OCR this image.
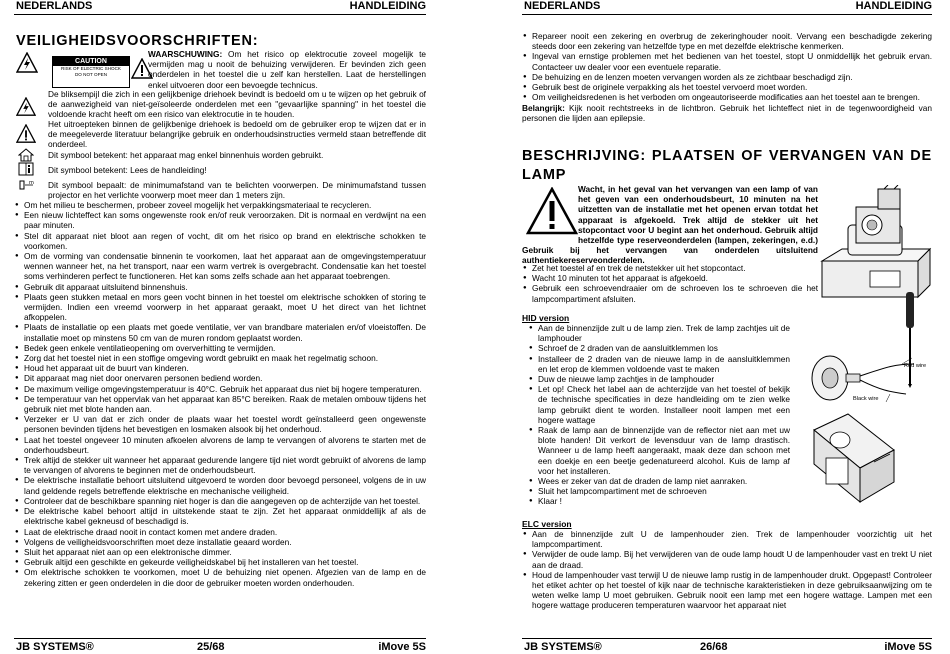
NEDERLANDS	HANDLEIDING
VEILIGHEIDSVOORSCHRIFTEN:
CAUTION
RISK OF ELECTRIC SHOCK
DO NOT OPEN
WAARSCHUWING: Om het risico op elektrocutie zoveel mogelijk te vermijden mag u nooit de behuizing verwijderen. Er bevinden zich geen onderdelen in het toestel die u zelf kan herstellen. Laat de herstellingen enkel uitvoeren door een bevoegde technicus.
De bliksempijl die zich in een gelijkbenige driehoek bevindt is bedoeld om u te wijzen op het gebruik of de aanwezigheid van niet-geïsoleerde onderdelen met een "gevaarlijke spanning" in het toestel die voldoende kracht heeft om een risico van elektrocutie in te houden.
Het uitroepteken binnen de gelijkbenige driehoek is bedoeld om de gebruiker erop te wijzen dat er in de meegeleverde literatuur belangrijke gebruik en onderhoudsinstructies vermeld staan betreffende dit onderdeel.
Dit symbool betekent: het apparaat mag enkel binnenhuis worden gebruikt.
Dit symbool betekent: Lees de handleiding!
m Dit symbool bepaalt: de minimumafstand van te belichten voorwerpen. De minimumafstand tussen projector en het verlichte voorwerp moet meer dan 1 meters zijn.
● Om het milieu te beschermen, probeer zoveel mogelijk het verpakkingsmateriaal te recycleren.
● Een nieuw lichteffect kan soms ongewenste rook en/of reuk veroorzaken. Dit is normaal en verdwijnt na een paar minuten.
● Stel dit apparaat niet bloot aan regen of vocht, dit om het risico op brand en elektrische schokken te voorkomen.
● Om de vorming van condensatie binnenin te voorkomen, laat het apparaat aan de omgevingstemperatuur wennen wanneer het, na het transport, naar een warm vertrek is overgebracht. Condensatie kan het toestel soms verhinderen perfect te functioneren. Het kan soms zelfs schade aan het apparaat toebrengen.
● Gebruik dit apparaat uitsluitend binnenshuis.
● Plaats geen stukken metaal en mors geen vocht binnen in het toestel om elektrische schokken of storing te vermijden. Indien een vreemd voorwerp in het apparaat geraakt, moet U het direct van het lichtnet afkoppelen.
● Plaats de installatie op een plaats met goede ventilatie, ver van brandbare materialen en/of vloeistoffen. De installatie moet op minstens 50 cm van de muren rondom geplaatst worden.
● Bedek geen enkele ventilatieopening om oververhitting te vermijden.
● Zorg dat het toestel niet in een stoffige omgeving wordt gebruikt en maak het regelmatig schoon.
● Houd het apparaat uit de buurt van kinderen.
● Dit apparaat mag niet door onervaren personen bediend worden.
● De maximum veilige omgevingstemperatuur is 40°C. Gebruik het apparaat dus niet bij hogere temperaturen.
● De temperatuur van het oppervlak van het apparaat kan 85°C bereiken. Raak de metalen ombouw tijdens het gebruik niet met blote handen aan.
● Verzeker er U van dat er zich onder de plaats waar het toestel wordt geïnstalleerd geen ongewenste personen bevinden tijdens het bevestigen en losmaken alsook bij het onderhoud.
● Laat het toestel ongeveer 10 minuten afkoelen alvorens de lamp te vervangen of alvorens te starten met de onderhoudsbeurt.
● Trek altijd de stekker uit wanneer het apparaat gedurende langere tijd niet wordt gebruikt of alvorens de lamp te vervangen of alvorens te beginnen met de onderhoudsbeurt.
● De elektrische installatie behoort uitsluitend uitgevoerd te worden door bevoegd personeel, volgens de in uw land geldende regels betreffende elektrische en mechanische veiligheid.
● Controleer dat de beschikbare spanning niet hoger is dan die aangegeven op de achterzijde van het toestel.
● De elektrische kabel behoort altijd in uitstekende staat te zijn. Zet het apparaat onmiddellijk af als de elektrische kabel gekneusd of beschadigd is.
● Laat de elektrische draad nooit in contact komen met andere draden.
● Volgens de veiligheidsvoorschriften moet deze installatie geaard worden.
● Sluit het apparaat niet aan op een elektronische dimmer.
● Gebruik altijd een geschikte en gekeurde veiligheidskabel bij het installeren van het toestel.
● Om elektrische schokken te voorkomen, moet U de behuizing niet openen. Afgezien van de lamp en de zekering zitten er geen onderdelen in die door de gebruiker moeten worden onderhouden.
JB SYSTEMS®	25/68	iMove 5S
NEDERLANDS	HANDLEIDING
● Repareer nooit een zekering en overbrug de zekeringhouder nooit. Vervang een beschadigde zekering steeds door een zekering van hetzelfde type en met dezelfde elektrische kenmerken.
● Ingeval van ernstige problemen met het bedienen van het toestel, stopt U onmiddellijk het gebruik ervan. Contacteer uw dealer voor een eventuele reparatie.
● De behuizing en de lenzen moeten vervangen worden als ze zichtbaar beschadigd zijn.
● Gebruik best de originele verpakking als het toestel vervoerd moet worden.
● Om veiligheidsredenen is het verboden om ongeautoriseerde modificaties aan het toestel aan te brengen.
Belangrijk: Kijk nooit rechtstreeks in de lichtbron. Gebruik het lichteffect niet in de tegenwoordigheid van personen die lijden aan epilepsie.
BESCHRIJVING: PLAATSEN OF VERVANGEN VAN DE
LAMP
Wacht, in het geval van het vervangen van een lamp of van het geven van een onderhoudsbeurt, 10 minuten na het uitzetten van de installatie met het openen ervan totdat het apparaat is afgekoeld. Trek altijd de stekker uit het stopcontact voor U begint aan het onderhoud. Gebruik altijd hetzelfde type reserveonderdelen (lampen, zekeringen, e.d.) Gebruik bij het vervangen van onderdelen uitsluitend authentiekereserveonderdelen.
● Zet het toestel af en trek de netstekker uit het stopcontact.
● Wacht 10 minuten tot het apparaat is afgekoeld.
● Gebruik een schroevendraaier om de schroeven los te schroeven die het lampcompartiment afsluiten.
HID version
● Aan de binnenzijde zult u de lamp zien. Trek de lamp zachtjes uit de lamphouder
● Schroef de 2 draden van de aansluitklemmen los
● Installeer de 2 draden van de nieuwe lamp in de aansluitklemmen en let erop de klemmen voldoende vast te maken
● Duw de nieuwe lamp zachtjes in de lamphouder
● Let op! Check het label aan de achterzijde van het toestel of bekijk de technische specificaties in deze handleiding om te zien welke lamp gebruikt dient te worden. Installeer nooit lampen met een hogere wattage
● Raak de lamp aan de binnenzijde van de reflector niet aan met uw blote handen! Dit verkort de levensduur van de lamp drastisch. Wanneer u de lamp heeft aangeraakt, maak deze dan schoon met een doekje en een beetje gedenatureerd alcohol. Kuis de lamp af voor het installeren.
● Wees er zeker van dat de draden de lamp niet aanraken.
● Sluit het lampcompartiment met de schroeven
● Klaar !
Red wire
Black wire
ELC version
● Aan de binnenzijde zult U de lampenhouder zien. Trek de lampenhouder voorzichtig uit het lampcompartiment.
● Verwijder de oude lamp. Bij het verwijderen van de oude lamp houdt U de lampenhouder vast en trekt U niet aan de draad.
● Houd de lampenhouder vast terwijl U de nieuwe lamp rustig in de lampenhouder drukt. Opgepast! Controleer het etiket achter op het toestel of kijk naar de technische karakteristieken in deze gebruiksaanwijzing om te weten welke lamp U moet gebruiken. Gebruik nooit een lamp met een hogere wattage. Lampen met een hogere wattage produceren temperaturen waarvoor het apparaat niet
JB SYSTEMS®	26/68	iMove 5S
